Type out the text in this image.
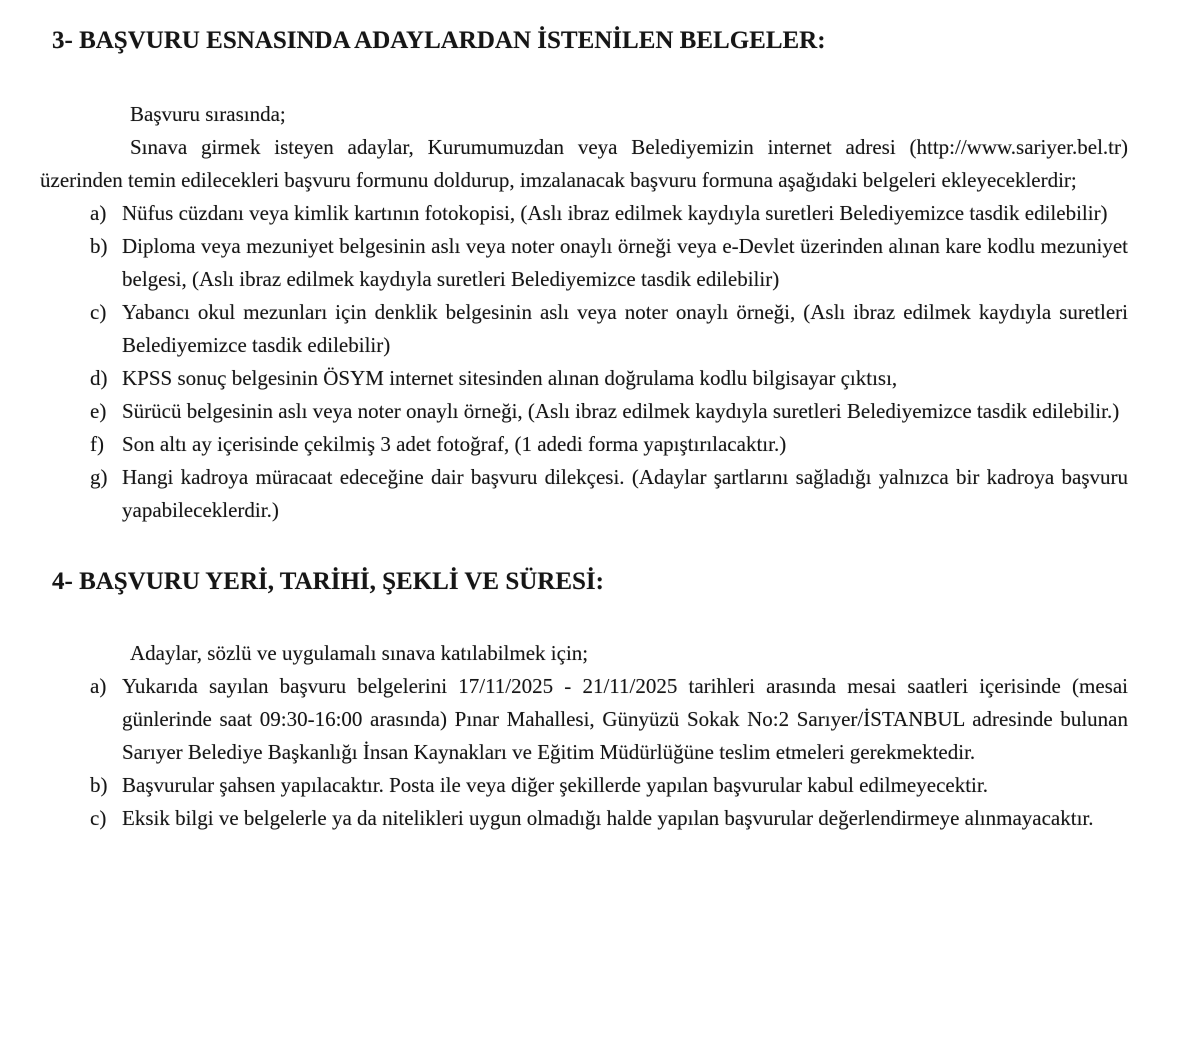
3- BAŞVURU ESNASINDA ADAYLARDAN İSTENİLEN BELGELER:

Başvuru sırasında;

Sınava girmek isteyen adaylar, Kurumumuzdan veya Belediyemizin internet adresi (http://www.sariyer.bel.tr) üzerinden temin edilecekleri başvuru formunu doldurup, imzalanacak başvuru formuna aşağıdaki belgeleri ekleyeceklerdir;

a) Nüfus cüzdanı veya kimlik kartının fotokopisi, (Aslı ibraz edilmek kaydıyla suretleri Belediyemizce tasdik edilebilir)
b) Diploma veya mezuniyet belgesinin aslı veya noter onaylı örneği veya e-Devlet üzerinden alınan kare kodlu mezuniyet belgesi, (Aslı ibraz edilmek kaydıyla suretleri Belediyemizce tasdik edilebilir)
c) Yabancı okul mezunları için denklik belgesinin aslı veya noter onaylı örneği, (Aslı ibraz edilmek kaydıyla suretleri Belediyemizce tasdik edilebilir)
d) KPSS sonuç belgesinin ÖSYM internet sitesinden alınan doğrulama kodlu bilgisayar çıktısı,
e) Sürücü belgesinin aslı veya noter onaylı örneği, (Aslı ibraz edilmek kaydıyla suretleri Belediyemizce tasdik edilebilir.)
f) Son altı ay içerisinde çekilmiş 3 adet fotoğraf, (1 adedi forma yapıştırılacaktır.)
g) Hangi kadroya müracaat edeceğine dair başvuru dilekçesi. (Adaylar şartlarını sağladığı yalnızca bir kadroya başvuru yapabileceklerdir.)
4- BAŞVURU YERİ, TARİHİ, ŞEKLİ VE SÜRESİ:

Adaylar, sözlü ve uygulamalı sınava katılabilmek için;

a) Yukarıda sayılan başvuru belgelerini 17/11/2025 - 21/11/2025 tarihleri arasında mesai saatleri içerisinde (mesai günlerinde saat 09:30-16:00 arasında) Pınar Mahallesi, Günyüzü Sokak No:2 Sarıyer/İSTANBUL adresinde bulunan Sarıyer Belediye Başkanlığı İnsan Kaynakları ve Eğitim Müdürlüğüne teslim etmeleri gerekmektedir.
b) Başvurular şahsen yapılacaktır. Posta ile veya diğer şekillerde yapılan başvurular kabul edilmeyecektir.
c) Eksik bilgi ve belgelerle ya da nitelikleri uygun olmadığı halde yapılan başvurular değerlendirmeye alınmayacaktır.
